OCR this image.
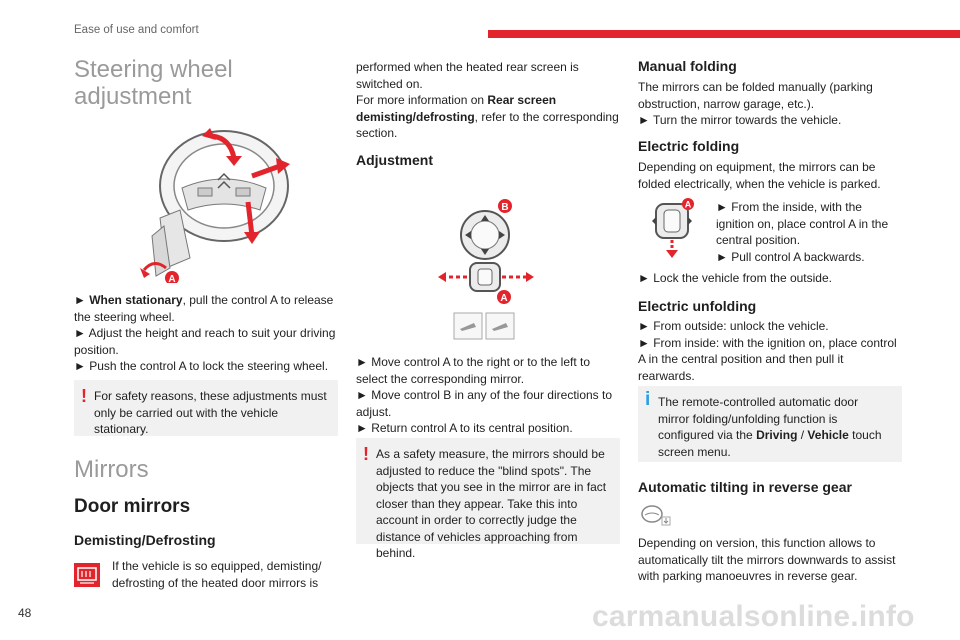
Ease of use and comfort
Steering wheel adjustment
A

► When stationary, pull the control A to release the steering wheel.

► Adjust the height and reach to suit your driving position.

► Push the control A to lock the steering wheel.

! For safety reasons, these adjustments must only be carried out with the vehicle stationary.
Mirrors
Door mirrors
Demisting/Defrosting
If the vehicle is so equipped, demisting/ defrosting of the heated door mirrors is

performed when the heated rear screen is switched on.

For more information on Rear screen demisting/defrosting, refer to the corresponding section.

Adjustment
B
A

► Move control A to the right or to the left to select the corresponding mirror.

► Move control B in any of the four directions to adjust.

► Return control A to its central position.

! As a safety measure, the mirrors should be adjusted to reduce the "blind spots". The objects that you see in the mirror are in fact closer than they appear. Take this into account in order to correctly judge the distance of vehicles approaching from behind.
Manual folding

The mirrors can be folded manually (parking obstruction, narrow garage, etc.).

► Turn the mirror towards the vehicle.

Electric folding
Depending on equipment, the mirrors can be folded electrically, when the vehicle is parked.
A ► From the inside, with the ignition on, place control A in the central position.

► Pull control A backwards.

► Lock the vehicle from the outside.
Electric unfolding

► From outside: unlock the vehicle.

► From inside: with the ignition on, place control A in the central position and then pull it rearwards.

i The remote-controlled automatic door mirror folding/unfolding function is configured via the Driving / Vehicle touch screen menu.
Automatic tilting in reverse gear
Depending on version, this function allows to automatically tilt the mirrors downwards to assist with parking manoeuvres in reverse gear.
48	carmanualsonline.info
